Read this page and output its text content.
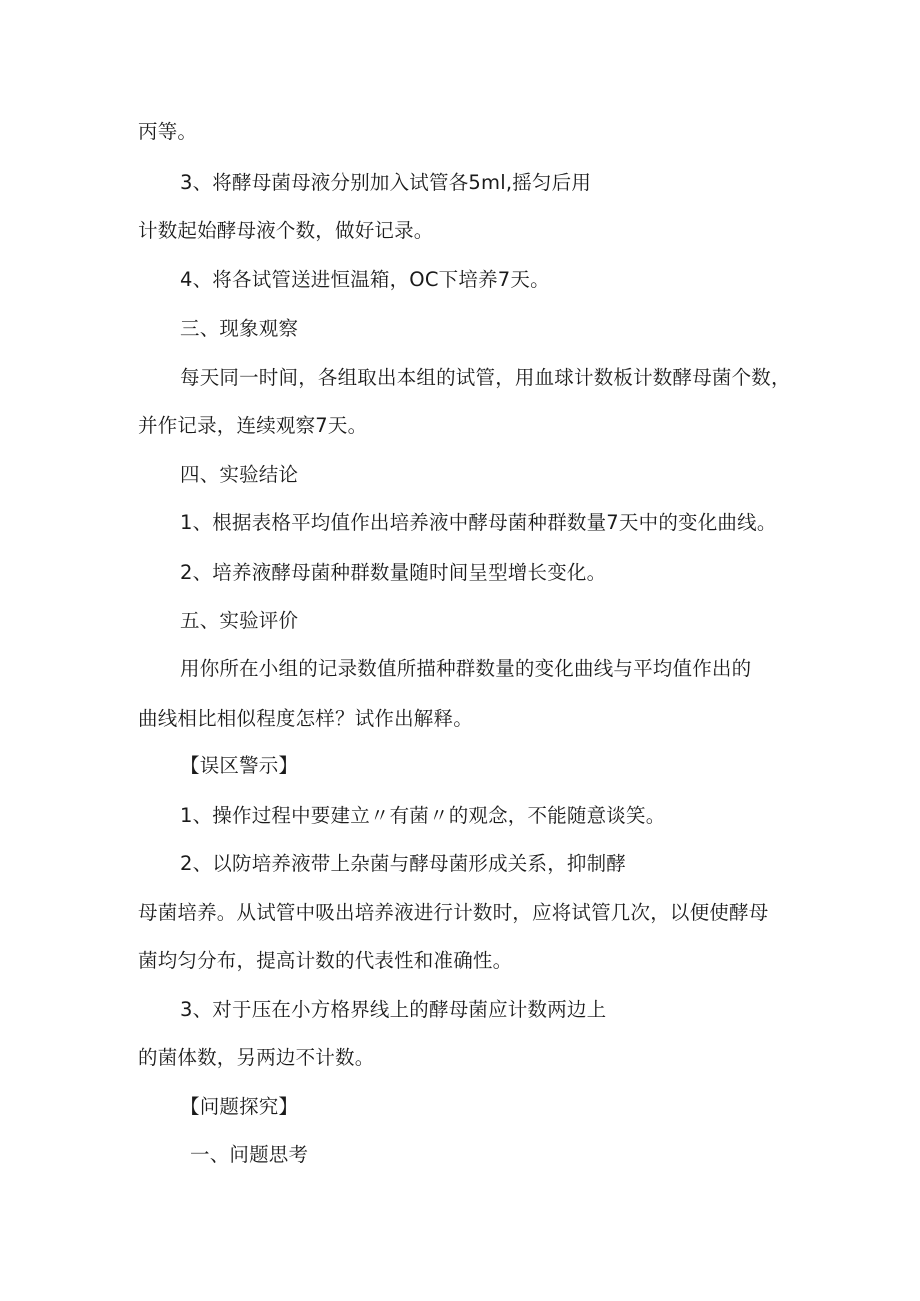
丙等。
3、将酵母菌母液分别加入试管各5ml,摇匀后用
计数起始酵母液个数，做好记录。
4、将各试管送进恒温箱，OC下培养7天。
三、现象观察
每天同一时间，各组取出本组的试管，用血球计数板计数酵母菌个数，
并作记录，连续观察7天。
四、实验结论
1、根据表格平均值作出培养液中酵母菌种群数量7天中的变化曲线。
2、培养液酵母菌种群数量随时间呈型增长变化。
五、实验评价
用你所在小组的记录数值所描种群数量的变化曲线与平均值作出的
曲线相比相似程度怎样？试作出解释。
【误区警示】
1、操作过程中要建立〃有菌〃的观念，不能随意谈笑。
2、以防培养液带上杂菌与酵母菌形成关系，抑制酵
母菌培养。从试管中吸出培养液进行计数时，应将试管几次，以便使酵母
菌均匀分布，提高计数的代表性和准确性。
3、对于压在小方格界线上的酵母菌应计数两边上
的菌体数，另两边不计数。
【问题探究】
一、问题思考
